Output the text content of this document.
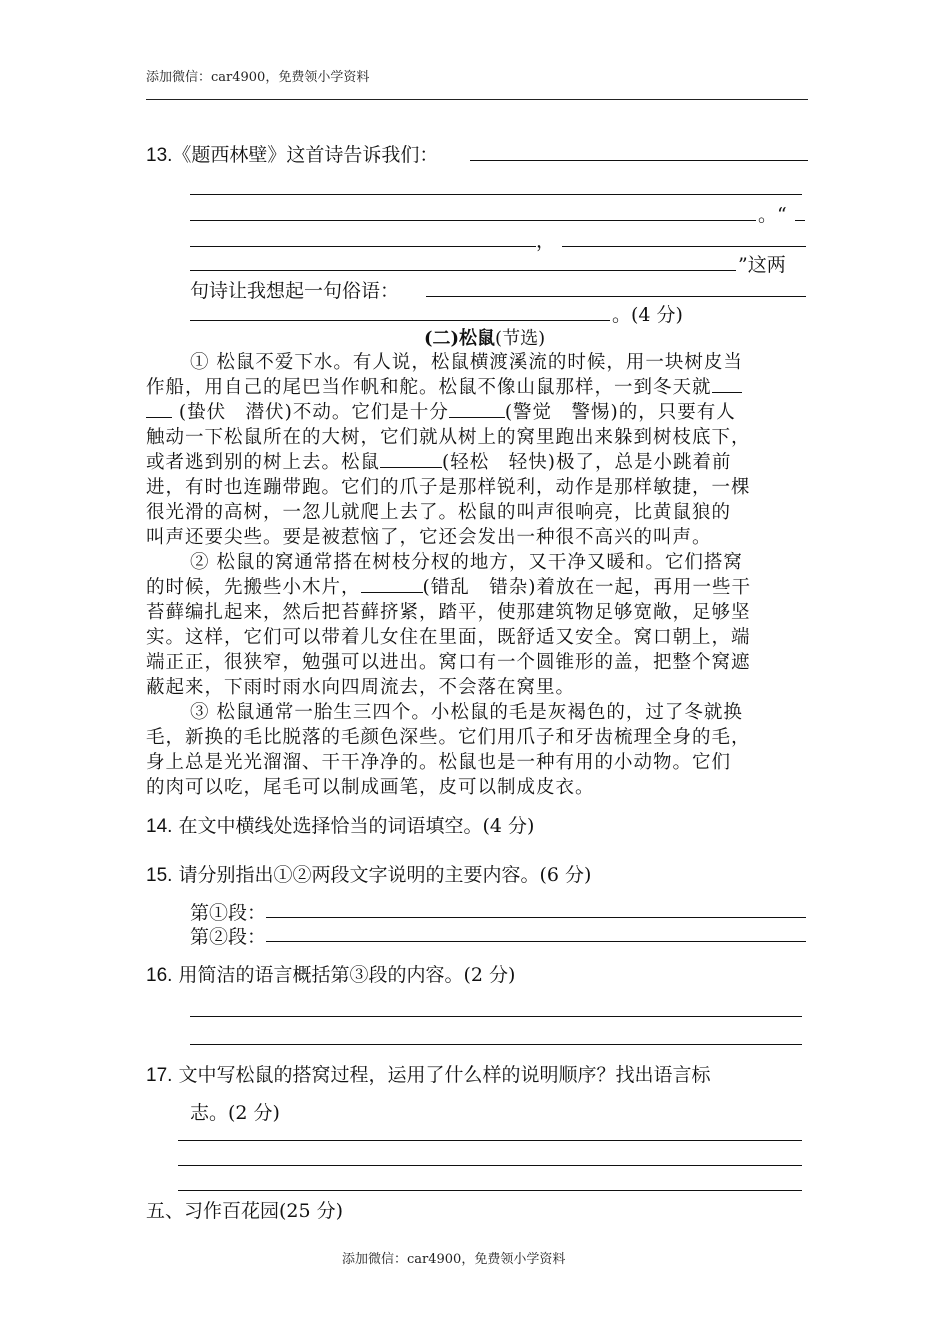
添加微信：car4900，免费领小学资料
13.《题西林壁》这首诗告诉我们：
。“
，
”这两
句诗让我想起一句俗语：
。(4 分)
(二)松鼠(节选)
① 松鼠不爱下水。有人说，松鼠横渡溪流的时候，用一块树皮当
作船，用自己的尾巴当作帆和舵。松鼠不像山鼠那样，一到冬天就
(蛰伏　潜伏)不动。它们是十分	(警觉　警惕)的，只要有人
触动一下松鼠所在的大树，它们就从树上的窝里跑出来躲到树枝底下，
或者逃到别的树上去。松鼠	(轻松　轻快)极了，总是小跳着前
进，有时也连蹦带跑。它们的爪子是那样锐利，动作是那样敏捷，一棵
很光滑的高树，一忽儿就爬上去了。松鼠的叫声很响亮，比黄鼠狼的
叫声还要尖些。要是被惹恼了，它还会发出一种很不高兴的叫声。
② 松鼠的窝通常搭在树枝分杈的地方，又干净又暖和。它们搭窝
的时候，先搬些小木片，	(错乱　错杂)着放在一起，再用一些干
苔藓编扎起来，然后把苔藓挤紧，踏平，使那建筑物足够宽敞，足够坚
实。这样，它们可以带着儿女住在里面，既舒适又安全。窝口朝上，端
端正正，很狭窄，勉强可以进出。窝口有一个圆锥形的盖，把整个窝遮
蔽起来，下雨时雨水向四周流去，不会落在窝里。
③ 松鼠通常一胎生三四个。小松鼠的毛是灰褐色的，过了冬就换
毛，新换的毛比脱落的毛颜色深些。它们用爪子和牙齿梳理全身的毛，
身上总是光光溜溜、干干净净的。松鼠也是一种有用的小动物。它们
的肉可以吃，尾毛可以制成画笔，皮可以制成皮衣。
14. 在文中横线处选择恰当的词语填空。(4 分)
15. 请分别指出①②两段文字说明的主要内容。(6 分)
第①段：
第②段：
16. 用简洁的语言概括第③段的内容。(2 分)
17. 文中写松鼠的搭窝过程，运用了什么样的说明顺序？找出语言标
志。(2 分)
五、习作百花园(25 分)
添加微信：car4900，免费领小学资料
